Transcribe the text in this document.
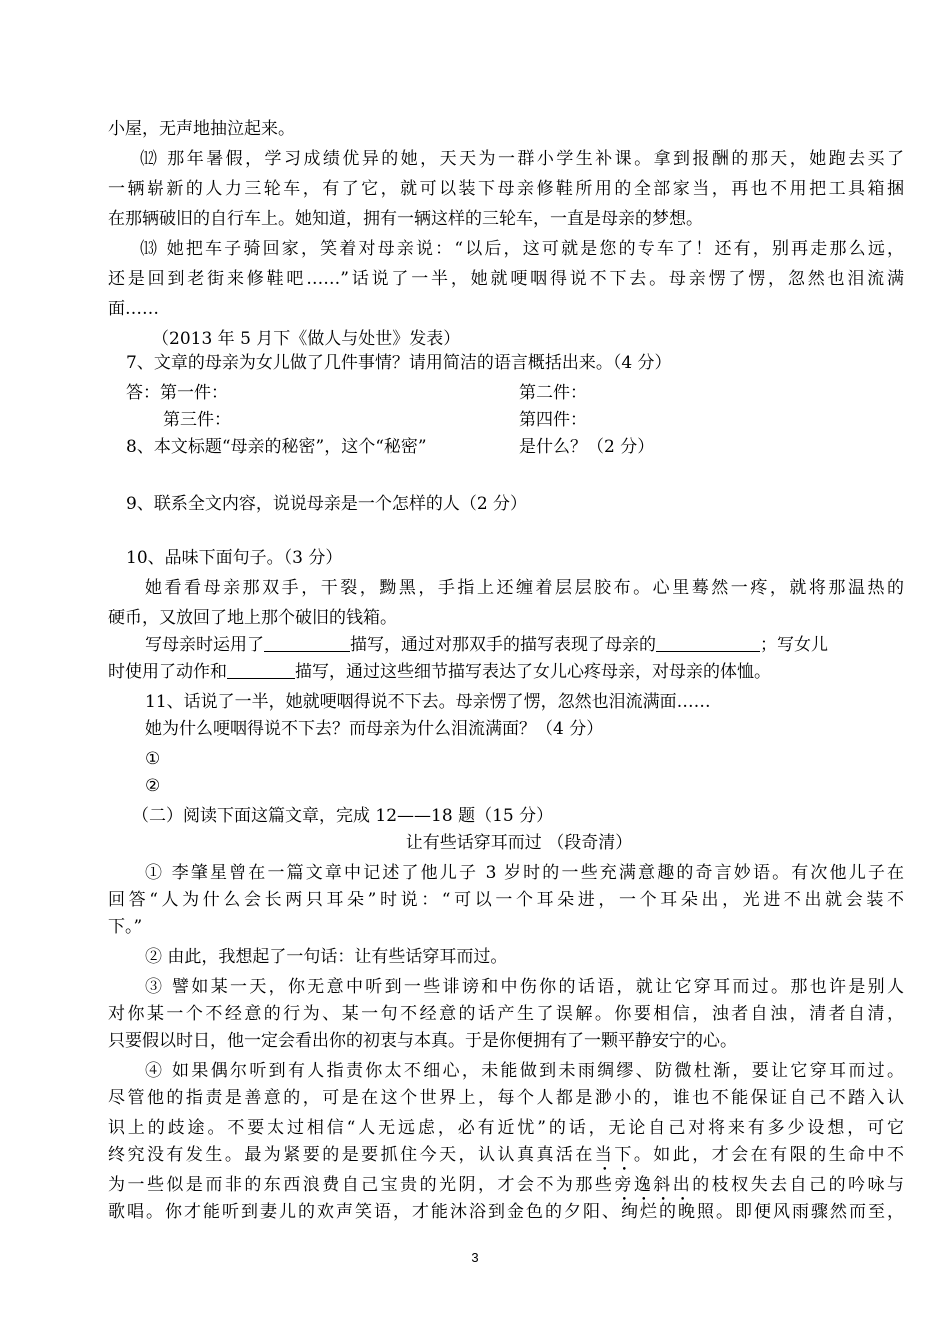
小屋，无声地抽泣起来。
⑿ 那年暑假，学习成绩优异的她，天天为一群小学生补课。拿到报酬的那天，她跑去买了
一辆崭新的人力三轮车，有了它，就可以装下母亲修鞋所用的全部家当，再也不用把工具箱捆
在那辆破旧的自行车上。她知道，拥有一辆这样的三轮车，一直是母亲的梦想。
⒀ 她把车子骑回家，笑着对母亲说：“以后，这可就是您的专车了！还有，别再走那么远，
还是回到老街来修鞋吧……”话说了一半，她就哽咽得说不下去。母亲愣了愣，忽然也泪流满
面……
（2013 年 5 月下《做人与处世》发表）
7、文章的母亲为女儿做了几件事情？请用简洁的语言概括出来。（4 分）
答：第一件：	第二件：
第三件：	第四件：
8、本文标题“母亲的秘密”，这个“秘密”	是什么？（2 分）
9、联系全文内容，说说母亲是一个怎样的人（2 分）
10、品味下面句子。（3 分）
她看看母亲那双手，干裂，黝黑，手指上还缠着层层胶布。心里蓦然一疼，就将那温热的
硬币，又放回了地上那个破旧的钱箱。
写母亲时运用了	描写，通过对那双手的描写表现了母亲的	；写女儿
时使用了动作和	描写，通过这些细节描写表达了女儿心疼母亲，对母亲的体恤。
11、话说了一半，她就哽咽得说不下去。母亲愣了愣，忽然也泪流满面……
她为什么哽咽得说不下去？而母亲为什么泪流满面？（4 分）
①
②
（二）阅读下面这篇文章，完成 12——18 题（15 分）
让有些话穿耳而过 （段奇清）
① 李肇星曾在一篇文章中记述了他儿子 3 岁时的一些充满意趣的奇言妙语。有次他儿子在
回答“人为什么会长两只耳朵”时说：“可以一个耳朵进，一个耳朵出，光进不出就会装不
下。”
② 由此，我想起了一句话：让有些话穿耳而过。
③ 譬如某一天，你无意中听到一些诽谤和中伤你的话语，就让它穿耳而过。那也许是别人
对你某一个不经意的行为、某一句不经意的话产生了误解。你要相信，浊者自浊，清者自清，
只要假以时日，他一定会看出你的初衷与本真。于是你便拥有了一颗平静安宁的心。
④ 如果偶尔听到有人指责你太不细心，未能做到未雨绸缪、防微杜渐，要让它穿耳而过。
尽管他的指责是善意的，可是在这个世界上，每个人都是渺小的，谁也不能保证自己不踏入认
识上的歧途。不要太过相信“人无远虑，必有近忧”的话，无论自己对将来有多少设想，可它
终究没有发生。最为紧要的是要抓住今天，认认真真活在当下。如此，才会在有限的生命中不
为一些似是而非的东西浪费自己宝贵的光阴，才会不为那些旁逸斜出的枝杈失去自己的吟咏与
歌唱。你才能听到妻儿的欢声笑语，才能沐浴到金色的夕阳、绚烂的晚照。即便风雨骤然而至，
3
